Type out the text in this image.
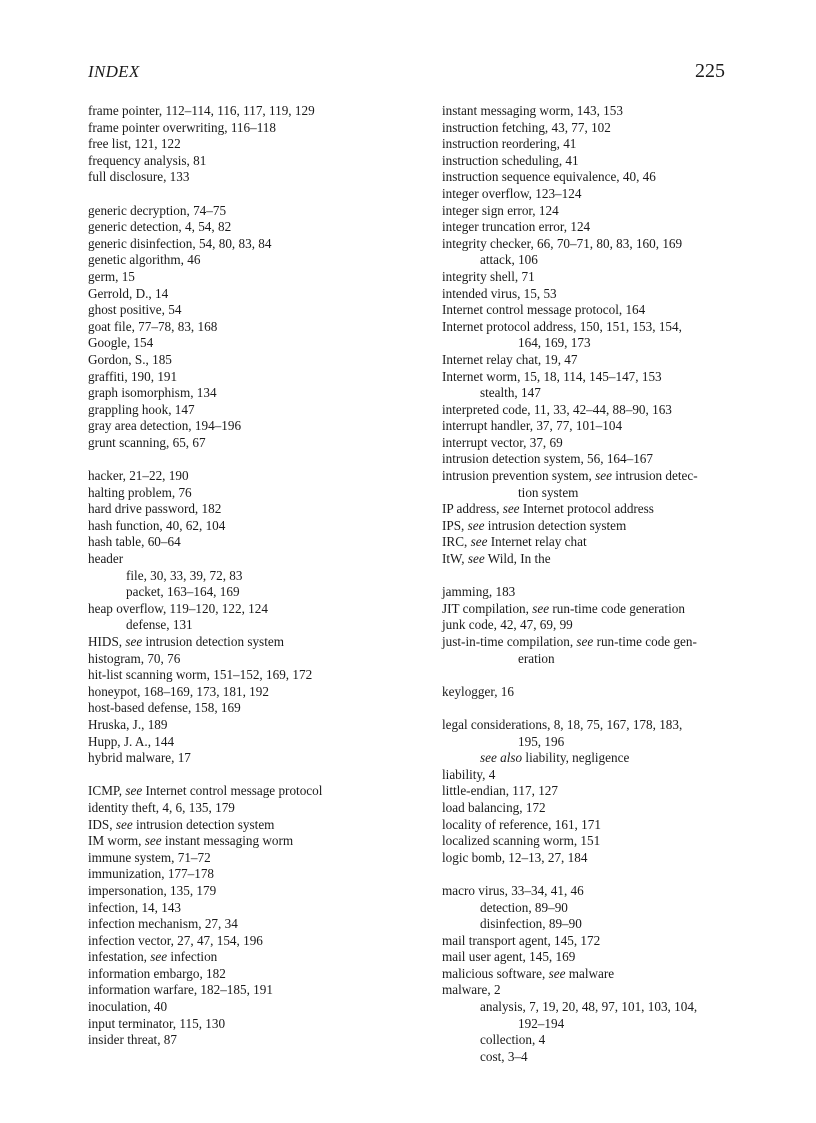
INDEX	225
frame pointer, 112–114, 116, 117, 119, 129
frame pointer overwriting, 116–118
free list, 121, 122
frequency analysis, 81
full disclosure, 133
generic decryption, 74–75
generic detection, 4, 54, 82
generic disinfection, 54, 80, 83, 84
genetic algorithm, 46
germ, 15
Gerrold, D., 14
ghost positive, 54
goat file, 77–78, 83, 168
Google, 154
Gordon, S., 185
graffiti, 190, 191
graph isomorphism, 134
grappling hook, 147
gray area detection, 194–196
grunt scanning, 65, 67
hacker, 21–22, 190
halting problem, 76
hard drive password, 182
hash function, 40, 62, 104
hash table, 60–64
header
file, 30, 33, 39, 72, 83
packet, 163–164, 169
heap overflow, 119–120, 122, 124
defense, 131
HIDS, see intrusion detection system
histogram, 70, 76
hit-list scanning worm, 151–152, 169, 172
honeypot, 168–169, 173, 181, 192
host-based defense, 158, 169
Hruska, J., 189
Hupp, J. A., 144
hybrid malware, 17
ICMP, see Internet control message protocol
identity theft, 4, 6, 135, 179
IDS, see intrusion detection system
IM worm, see instant messaging worm
immune system, 71–72
immunization, 177–178
impersonation, 135, 179
infection, 14, 143
infection mechanism, 27, 34
infection vector, 27, 47, 154, 196
infestation, see infection
information embargo, 182
information warfare, 182–185, 191
inoculation, 40
input terminator, 115, 130
insider threat, 87
instant messaging worm, 143, 153
instruction fetching, 43, 77, 102
instruction reordering, 41
instruction scheduling, 41
instruction sequence equivalence, 40, 46
integer overflow, 123–124
integer sign error, 124
integer truncation error, 124
integrity checker, 66, 70–71, 80, 83, 160, 169
attack, 106
integrity shell, 71
intended virus, 15, 53
Internet control message protocol, 164
Internet protocol address, 150, 151, 153, 154,
164, 169, 173
Internet relay chat, 19, 47
Internet worm, 15, 18, 114, 145–147, 153
stealth, 147
interpreted code, 11, 33, 42–44, 88–90, 163
interrupt handler, 37, 77, 101–104
interrupt vector, 37, 69
intrusion detection system, 56, 164–167
intrusion prevention system, see intrusion detec-
tion system
IP address, see Internet protocol address
IPS, see intrusion detection system
IRC, see Internet relay chat
ItW, see Wild, In the
jamming, 183
JIT compilation, see run-time code generation
junk code, 42, 47, 69, 99
just-in-time compilation, see run-time code gen-
eration
keylogger, 16
legal considerations, 8, 18, 75, 167, 178, 183,
195, 196
see also liability, negligence
liability, 4
little-endian, 117, 127
load balancing, 172
locality of reference, 161, 171
localized scanning worm, 151
logic bomb, 12–13, 27, 184
macro virus, 33–34, 41, 46
detection, 89–90
disinfection, 89–90
mail transport agent, 145, 172
mail user agent, 145, 169
malicious software, see malware
malware, 2
analysis, 7, 19, 20, 48, 97, 101, 103, 104,
192–194
collection, 4
cost, 3–4
